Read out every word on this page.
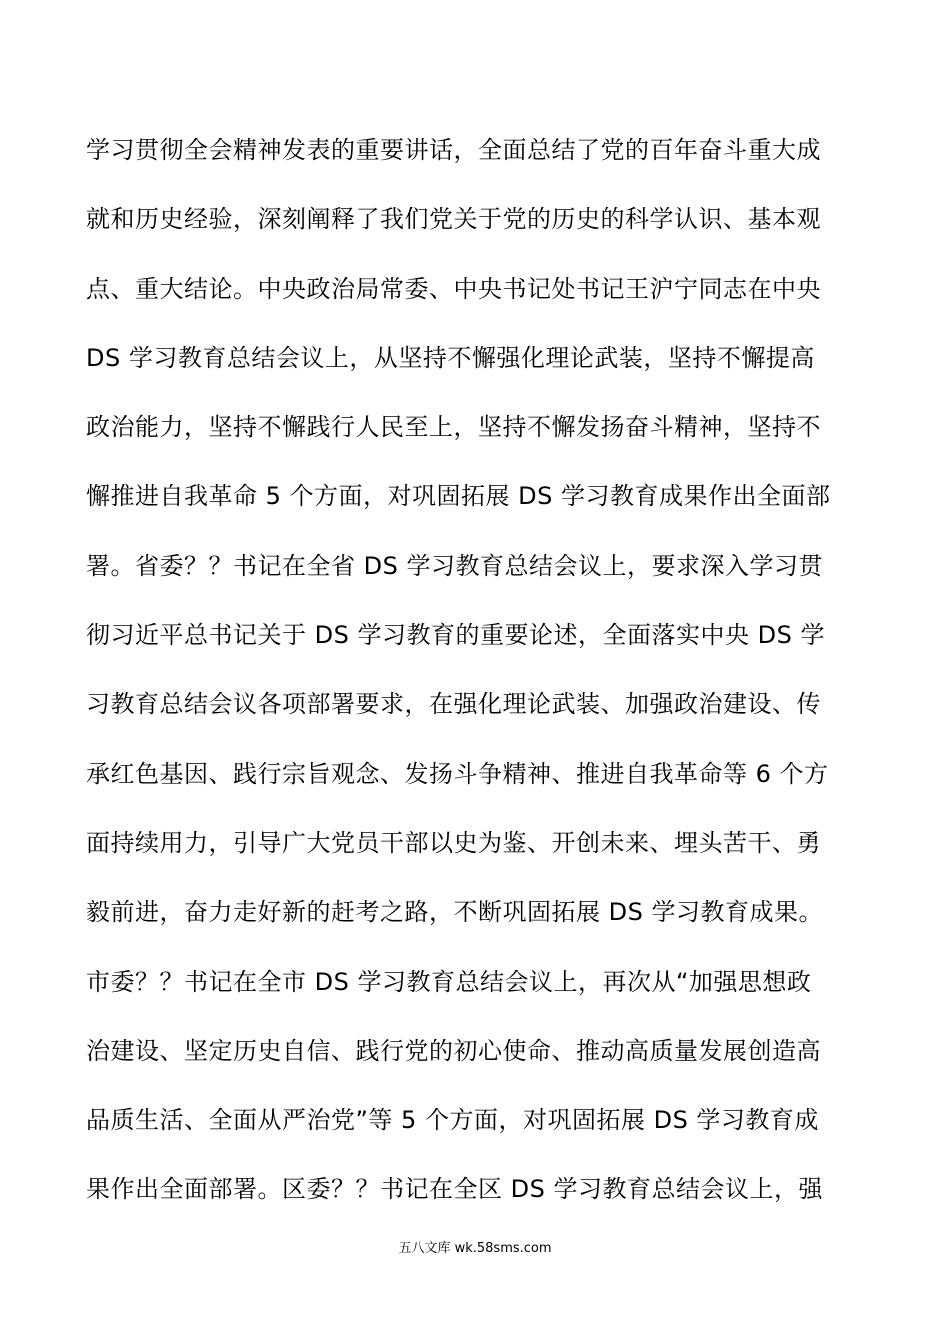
学习贯彻全会精神发表的重要讲话，全面总结了党的百年奋斗重大成
就和历史经验，深刻阐释了我们党关于党的历史的科学认识、基本观
点、重大结论。中央政治局常委、中央书记处书记王沪宁同志在中央
DS 学习教育总结会议上，从坚持不懈强化理论武装，坚持不懈提高
政治能力，坚持不懈践行人民至上，坚持不懈发扬奋斗精神，坚持不
懈推进自我革命 5 个方面，对巩固拓展 DS 学习教育成果作出全面部
署。省委？？书记在全省 DS 学习教育总结会议上，要求深入学习贯
彻习近平总书记关于 DS 学习教育的重要论述，全面落实中央 DS 学
习教育总结会议各项部署要求，在强化理论武装、加强政治建设、传
承红色基因、践行宗旨观念、发扬斗争精神、推进自我革命等 6 个方
面持续用力，引导广大党员干部以史为鉴、开创未来、埋头苦干、勇
毅前进，奋力走好新的赶考之路，不断巩固拓展 DS 学习教育成果。
市委？？书记在全市 DS 学习教育总结会议上，再次从“加强思想政
治建设、坚定历史自信、践行党的初心使命、推动高质量发展创造高
品质生活、全面从严治党”等 5 个方面，对巩固拓展 DS 学习教育成
果作出全面部署。区委？？书记在全区 DS 学习教育总结会议上，强
五八文库 wk.58sms.com
